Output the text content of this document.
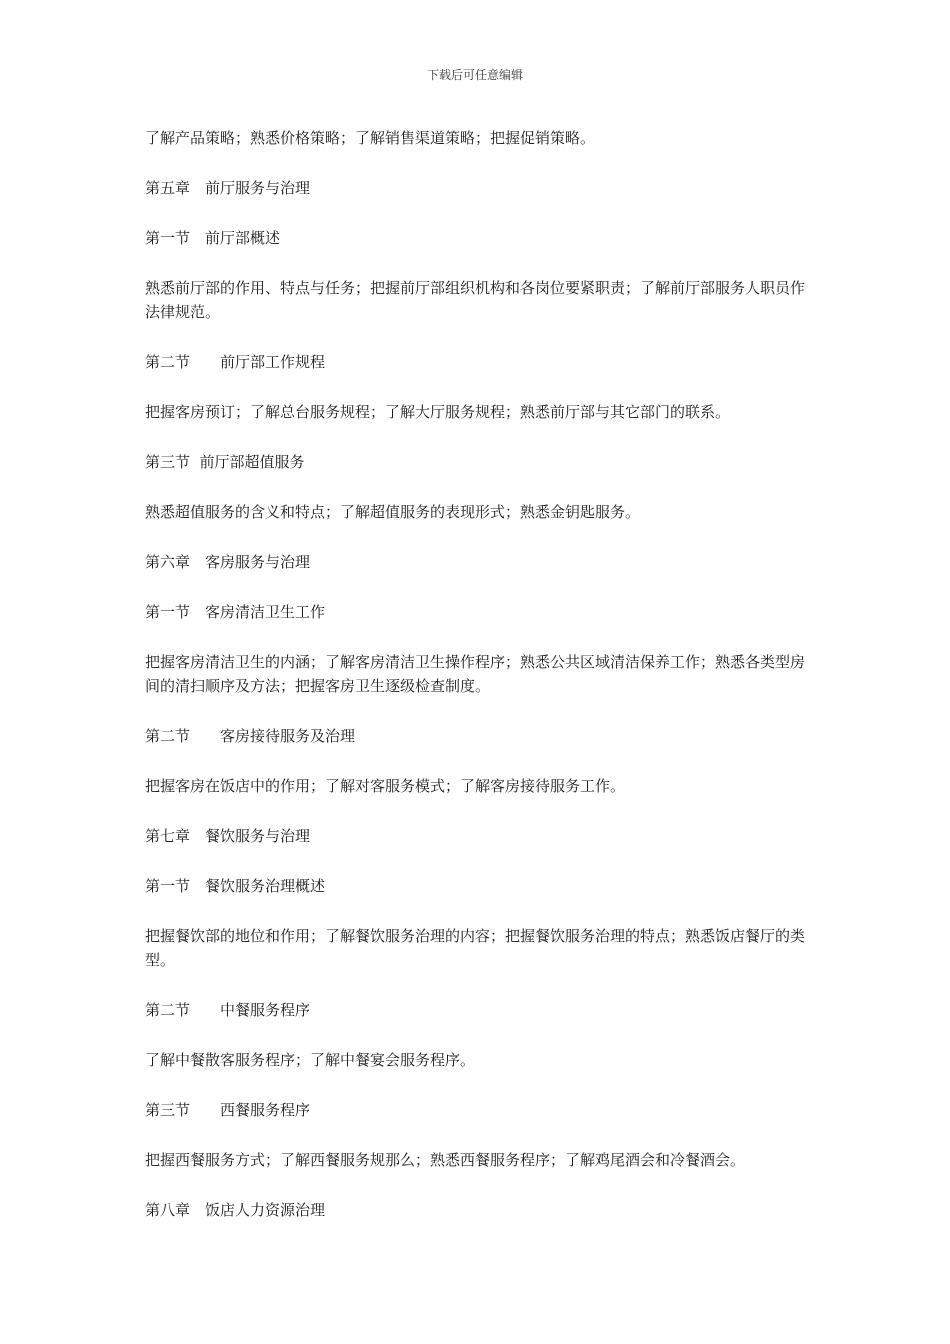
下载后可任意编辑
了解产品策略；熟悉价格策略；了解销售渠道策略；把握促销策略。
第五章　前厅服务与治理
第一节　前厅部概述
熟悉前厅部的作用、特点与任务；把握前厅部组织机构和各岗位要紧职责；了解前厅部服务人职员作法律规范。
第二节　　前厅部工作规程
把握客房预订；了解总台服务规程；了解大厅服务规程；熟悉前厅部与其它部门的联系。
第三节  前厅部超值服务
熟悉超值服务的含义和特点；了解超值服务的表现形式；熟悉金钥匙服务。
第六章　客房服务与治理
第一节　客房清洁卫生工作
把握客房清洁卫生的内涵；了解客房清洁卫生操作程序；熟悉公共区域清洁保养工作；熟悉各类型房间的清扫顺序及方法；把握客房卫生逐级检查制度。
第二节　　客房接待服务及治理
把握客房在饭店中的作用；了解对客服务模式；了解客房接待服务工作。
第七章　餐饮服务与治理
第一节　餐饮服务治理概述
把握餐饮部的地位和作用；了解餐饮服务治理的内容；把握餐饮服务治理的特点；熟悉饭店餐厅的类型。
第二节　　中餐服务程序
了解中餐散客服务程序；了解中餐宴会服务程序。
第三节　　西餐服务程序
把握西餐服务方式；了解西餐服务规那么；熟悉西餐服务程序；了解鸡尾酒会和冷餐酒会。
第八章　饭店人力资源治理
